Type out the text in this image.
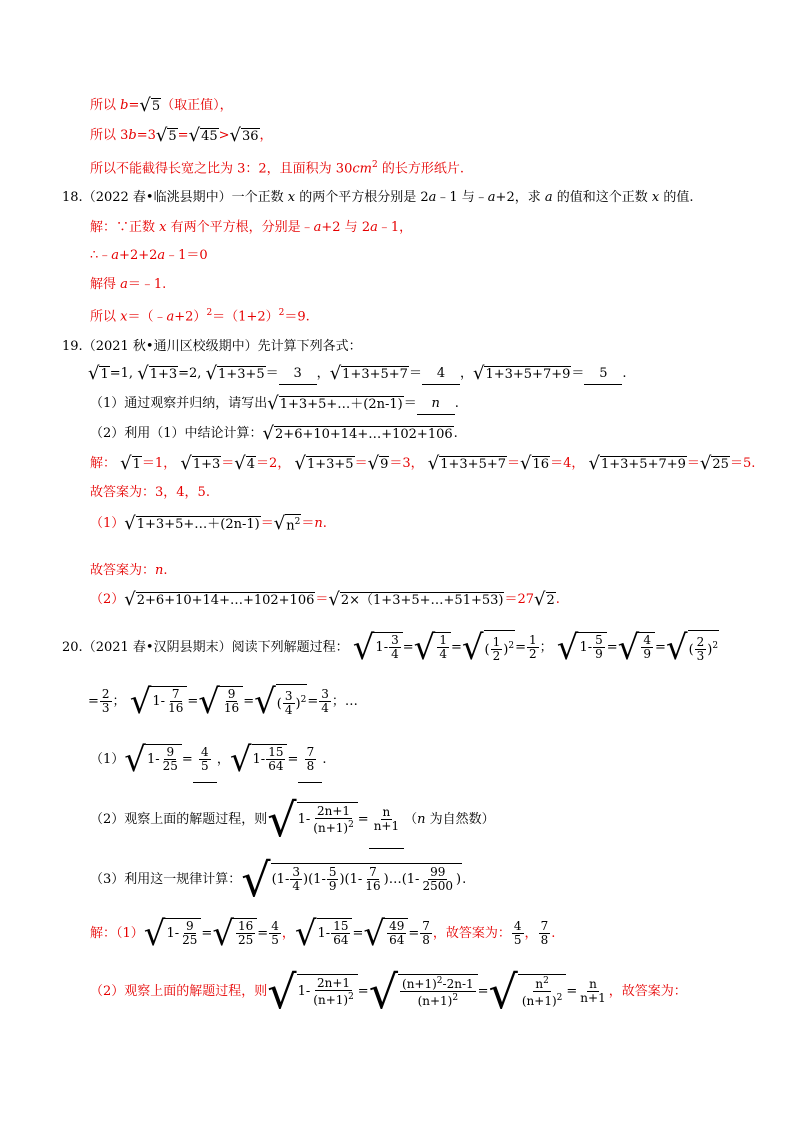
所以 b=√5（取正值），
所以 3b=3√5=√45>√36，
所以不能截得长宽之比为 3：2，且面积为 $30cm^2$ 的长方形纸片.
18.（2022 春•临洮县期中）一个正数 x 的两个平方根分别是 2a﹣1 与﹣a+2，求 a 的值和这个正数 x 的值.
解：∵正数 x 有两个平方根，分别是﹣a+2 与 2a﹣1，
∴﹣a+2+2a﹣1＝0
解得 a＝﹣1.
所以 $x=(﹣a+2)^2=(1+2)^2=9$.
19.（2021 秋•通川区校级期中）先计算下列各式：
√1=1, √1+3=2, √1+3+5＝ 3 ，√1+3+5+7＝ 4 ，√1+3+5+7+9＝ 5 .
（1）通过观察并归纳，请写出√1+3+5+…＋(2n-1)＝ n .
（2）利用（1）中结论计算：√2+6+10+14+…+102+106.
解： √1＝1， √1+3＝√4＝2， √1+3+5＝√9＝3， √1+3+5+7＝√16＝4， √1+3+5+7+9＝√25＝5.
故答案为：3，4，5.
$(1)√1+3+5+\dots+(2n-1)=√n^2=n$.
故答案为：n.
（2）√2+6+10+14+…+102+106＝√2×（1+3+5+…+51+53)＝27√2.
20.（2021 春•汉阴县期末）阅读下列解题过程： $√1- \frac{3}{4}$ =√ $\frac{1}{4}$ =√( $\frac{1}{2} )^2= \frac{1}{2}$ ； $√1- \frac{5}{9}$ =√ $\frac{4}{9}$ =√( $\frac{2}{3} )^2$
= $\frac{2}{3}$ ； $√1- \frac{7}{16}$ =√ $\frac{9}{16}$ =√( $\frac{3}{4} )^2= \frac{3}{4}$ ；…
$(1)√1- \frac{9}{25} = \frac{4}{5}$ ，$√1- \frac{15}{64} = \frac{7}{8}$ .
（2）观察上面的解题过程，则$√1- \frac{2n+1}{(n+1)^2} = \frac{n}{n+1} (n$ 为自然数）
（3）利用这一规律计算：$√(1- \frac{3}{4} )(1- \frac{5}{9} )(1- \frac{7}{16}$ )…(1- $\frac{99}{2500}$ ).
解：$(1)√1- \frac{9}{25}$ =√ $\frac{16}{25} = \frac{4}{5}$ ，$√1- \frac{15}{64}$ =√ $\frac{49}{64} = \frac{7}{8}$ ，故答案为： $\frac{4}{5}$ ， $\frac{7}{8}$ .
（2）观察上面的解题过程，则$√1- \frac{2n+1}{(n+1)^2}$ =√ $\frac{(n+1)^2-2n-1}{(n+1)^2}$ =√ $\frac{n^2}{(n+1)^2} = \frac{n}{n+1}$ ，故答案为：
